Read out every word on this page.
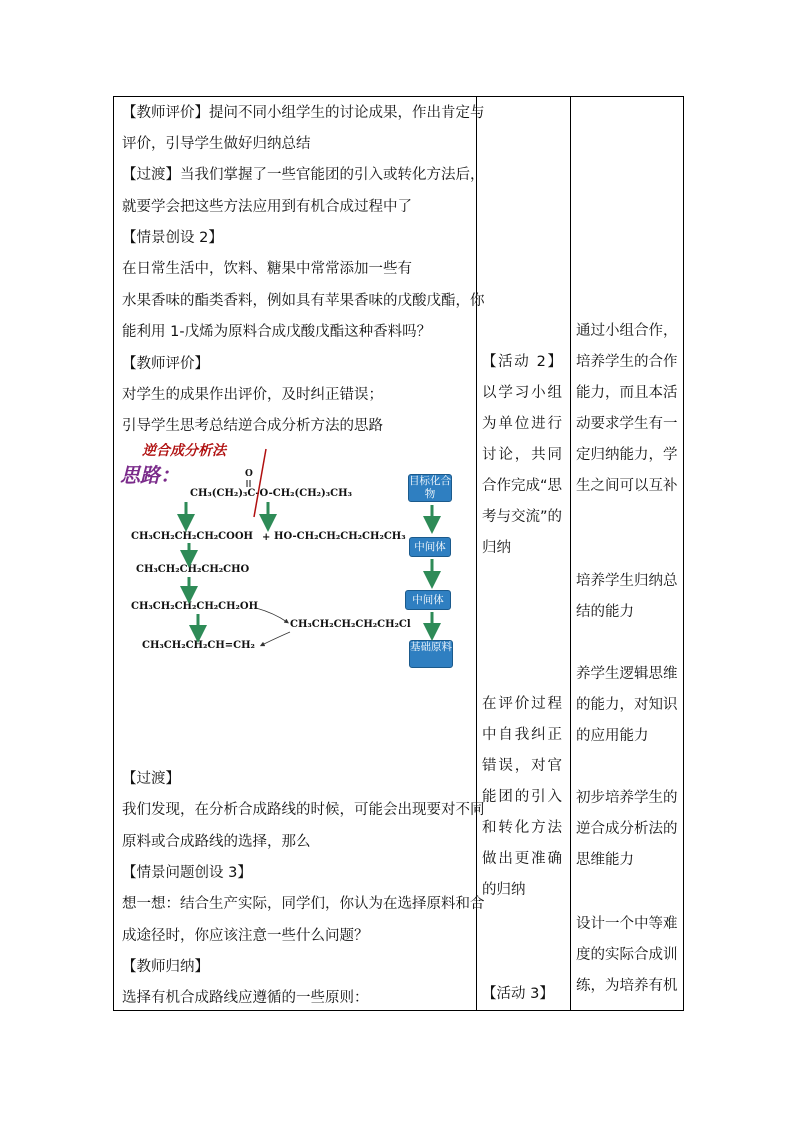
【教师评价】提问不同小组学生的讨论成果，作出肯定与
评价，引导学生做好归纳总结
【过渡】当我们掌握了一些官能团的引入或转化方法后，
就要学会把这些方法应用到有机合成过程中了
【情景创设 2】
在日常生活中，饮料、糖果中常常添加一些有
水果香味的酯类香料，例如具有苹果香味的戊酸戊酯，你
能利用 1-戊烯为原料合成戊酸戊酯这种香料吗？
【教师评价】
对学生的成果作出评价，及时纠正错误；
引导学生思考总结逆合成分析方法的思路
逆合成分析法
思路：	O
CH₃(CH₂)₃C-O-CH₂(CH₂)₃CH₃
CH₃CH₂CH₂CH₂COOH + HO-CH₂CH₂CH₂CH₂CH₃
CH₃CH₂CH₂CH₂CHO
CH₃CH₂CH₂CH₂CH₂OH
CH₃CH₂CH₂CH₂CH₂Cl
CH₃CH₂CH₂CH=CH₂
目标化合物
中间体
中间体
基础原料
【过渡】
我们发现，在分析合成路线的时候，可能会出现要对不同
原料或合成路线的选择，那么
【情景问题创设 3】
想一想：结合生产实际，同学们，你认为在选择原料和合
成途径时，你应该注意一些什么问题？
【教师归纳】
选择有机合成路线应遵循的一些原则：
【活动 2】以学习小组为单位进行讨论，共同合作完成“思考与交流”的归纳
在评价过程中自我纠正错误，对官能团的引入和转化方法做出更准确的归纳
【活动 3】
通过小组合作，培养学生的合作能力，而且本活动要求学生有一定归纳能力，学生之间可以互补
培养学生归纳总结的能力
养学生逻辑思维的能力，对知识的应用能力
初步培养学生的逆合成分析法的思维能力
设计一个中等难度的实际合成训练，为培养有机
